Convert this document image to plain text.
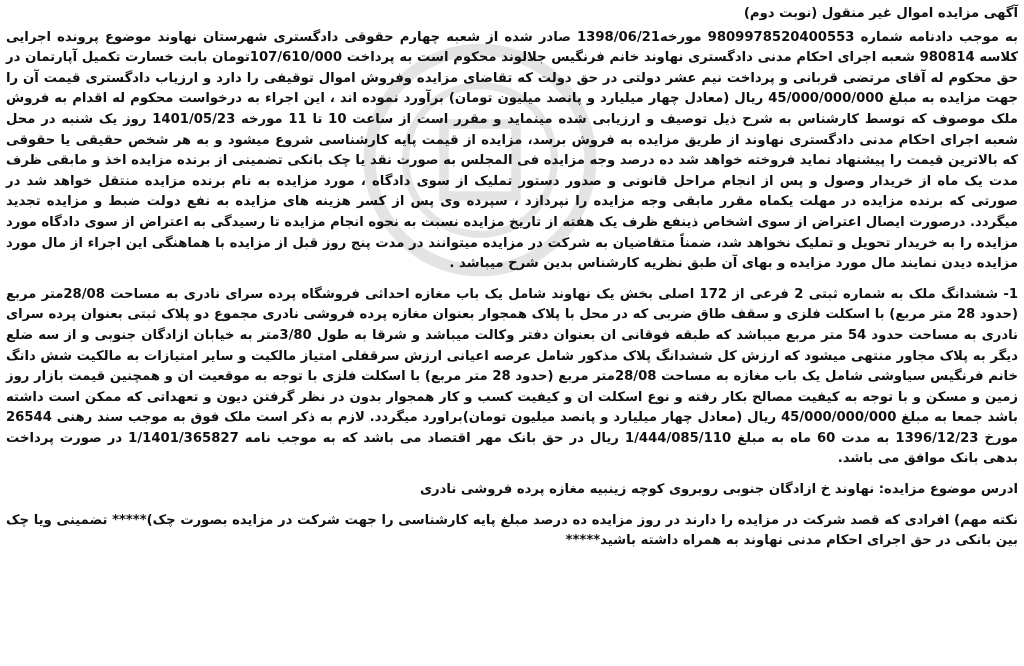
آگهی مزایده اموال غیر منقول (نوبت دوم)

به موجب دادنامه شماره 9809978520400553 مورخه1398/06/21 صادر شده از شعبه چهارم حقوقی دادگستری شهرستان نهاوند موضوع پرونده اجرایی کلاسه 980814 شعبه اجرای احکام مدنی دادگستری نهاوند خانم فرنگیس جلالوند محکوم است به پرداخت 107/610/000تومان بابت خسارت تکمیل آپارتمان در حق محکوم له آقای مرتضی قربانی و پرداخت نیم عشر دولتی در حق دولت که تقاضای مزایده وفروش اموال توقیفی را دارد و ارزیاب دادگستری قیمت آن را جهت مزایده به مبلغ 45/000/000/000 ریال (معادل چهار میلیارد و پانصد میلیون تومان) برآورد نموده اند ، این اجراء به درخواست محکوم له اقدام به فروش ملک موصوف که توسط کارشناس به شرح ذیل توصیف و ارزیابی شده مینماید و مقرر است از ساعت 10 تا 11 مورخه 1401/05/23 روز یک شنبه در محل شعبه اجرای احکام مدنی دادگستری نهاوند از طریق مزایده به فروش برسد، مزایده از قیمت پایه کارشناسی شروع میشود و به هر شخص حقیقی یا حقوقی که بالاترین قیمت را پیشنهاد نماید فروخته خواهد شد ده درصد وجه مزایده فی المجلس به صورت نقد یا چک بانکی تضمینی از برنده مزایده اخذ و مابقی ظرف مدت یک ماه از خریدار وصول و پس از انجام مراحل قانونی و صدور دستور تملیک از سوی دادگاه ، مورد مزایده به نام برنده مزایده منتقل خواهد شد در صورتی که برنده مزایده در مهلت یکماه مقرر مابقی وجه مزایده را نپردازد ، سپرده وی پس از کسر هزینه های مزایده به نفع دولت ضبط و مزایده تجدید میگردد. درصورت ایصال اعتراض از سوی اشخاص ذینفع ظرف یک هفته از تاریخ مزایده نسبت به نحوه انجام مزایده تا رسیدگی به اعتراض از سوی دادگاه مورد مزایده را به خریدار تحویل و تملیک نخواهد شد، ضمناً متقاضیان به شرکت در مزایده میتوانند در مدت پنج روز قبل از مزایده با هماهنگی این اجراء از مال مورد مزایده دیدن نمایند مال مورد مزایده و بهای آن طبق نظریه کارشناس بدین شرح میباشد .

1- ششدانگ ملک به شماره ثبتی 2 فرعی از 172 اصلی بخش یک نهاوند شامل یک باب مغازه احداثی فروشگاه پرده سرای نادری به مساحت 28/08متر مربع (حدود 28 متر مربع) با اسکلت فلزی و سقف طاق ضربی که در محل با پلاک همجوار بعنوان مغازه پرده فروشی نادری مجموع دو پلاک ثبتی بعنوان پرده سرای نادری به مساحت حدود 54 متر مربع میباشد که طبقه فوقانی ان بعنوان دفتر وکالت میباشد و شرقا به طول 3/80متر به خیابان ازادگان جنوبی و از سه ضلع دیگر به پلاک مجاور منتهی میشود که ارزش کل ششدانگ پلاک مذکور شامل عرصه اعیانی ارزش سرقفلی امتیاز مالکیت و سایر امتیازات به مالکیت شش دانگ خانم فرنگیس سیاوشی شامل یک باب مغازه به مساحت 28/08متر مربع (حدود 28 متر مربع) با اسکلت فلزی با توجه به موقعیت ان و همچنین قیمت بازار روز زمین و مسکن و با توجه به کیفیت مصالح بکار رفته و نوع اسکلت ان و کیفیت کسب و کار همجوار بدون در نظر گرفتن دیون و تعهداتی که ممکن است داشته باشد جمعا به مبلغ 45/000/000/000 ریال (معادل چهار میلیارد و پانصد میلیون تومان)براورد میگردد. لازم به ذکر است ملک فوق به موجب سند رهنی 26544 مورخ 1396/12/23 به مدت 60 ماه به مبلغ 1/444/085/110 ریال در حق بانک مهر اقتصاد می باشد که به موجب نامه 1/1401/365827 در صورت پرداخت بدهی بانک موافق می باشد.

ادرس موضوع مزایده: نهاوند خ ازادگان جنوبی روبروی کوچه زینبیه مغازه پرده فروشی نادری

نکته مهم) افرادی که قصد شرکت در مزایده را دارند در روز مزایده ده درصد مبلغ پایه کارشناسی را جهت شرکت در مزایده بصورت چک)***** تضمینی ویا چک بین بانکی در حق اجرای احکام مدنی نهاوند به همراه داشته باشید*****
